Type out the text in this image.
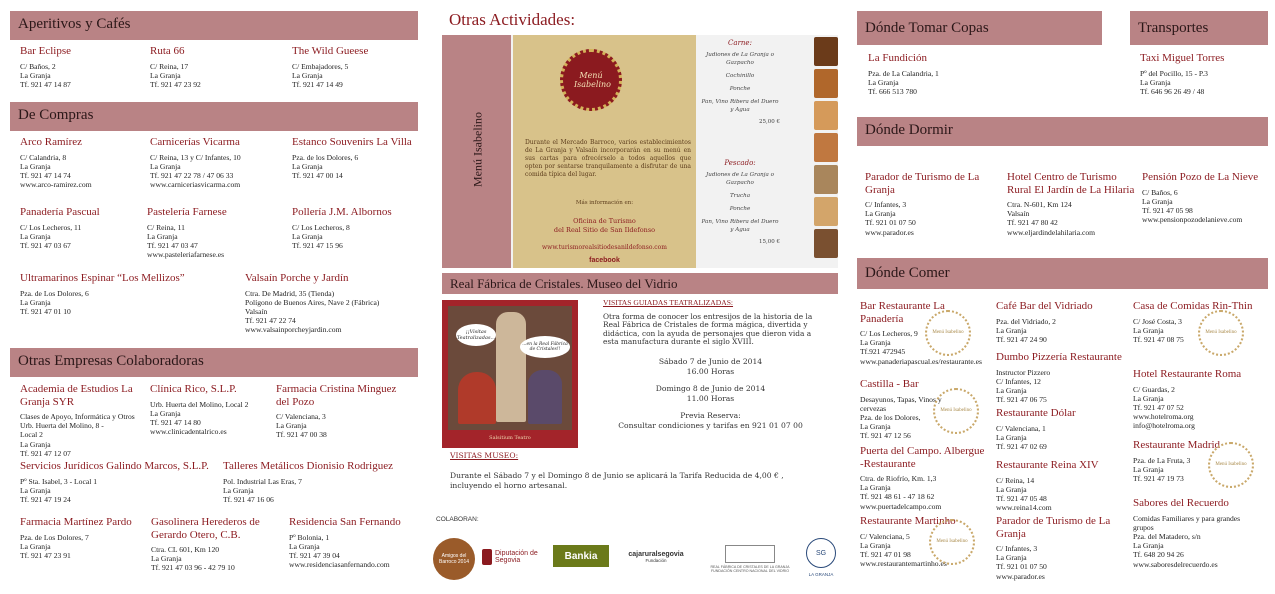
Aperitivos y Cafés
Bar Eclipse
C/ Baños, 2
La Granja
Tf. 921 47 14 87
Ruta 66
C/ Reina, 17
La Granja
Tf. 921 47 23 92
The Wild Gueese
C/ Embajadores, 5
La Granja
Tf. 921 47 14 49
De Compras
Arco Ramírez
C/ Calandria, 8
La Granja
Tf. 921 47 14 74
www.arco-ramirez.com
Carnicerías Vicarma
C/ Reina, 13 y C/ Infantes, 10
La Granja
Tf. 921 47 22 78 / 47 06 33
www.carniceriasvicarma.com
Estanco Souvenirs La Villa
Pza. de los Dolores, 6
La Granja
Tf. 921 47 00 14
Panadería Pascual
C/ Los Lecheros, 11
La Granja
Tf. 921 47 03 67
Pastelería Farnese
C/ Reina, 11
La Granja
Tf. 921 47 03 47
www.pasteleriafarnese.es
Pollería J.M. Albornos
C/ Los Lecheros, 8
La Granja
Tf. 921 47 15 96
Ultramarinos Espinar “Los Mellizos”
Pza. de Los Dolores, 6
La Granja
Tf. 921 47 01 10
Valsaín Porche y Jardín
Ctra. De Madrid, 35 (Tienda)
Polígono de Buenos Aires, Nave 2 (Fábrica)
Valsaín
Tf. 921 47 22 74
www.valsainporcheyjardin.com
Otras Empresas Colaboradoras
Academia de Estudios La Granja SYR
Clases de Apoyo, Informática y Otros
Urb. Huerta del Molino, 8 -
Local 2
La Granja
Tf. 921 47 12 07
Clínica Rico, S.L.P.
Urb. Huerta del Molino, Local 2
La Granja
Tf. 921 47 14 80
www.clinicadentalrico.es
Farmacia Cristina Minguez del Pozo
C/ Valenciana, 3
La Granja
Tf. 921 47 00 38
Servicios Jurídicos Galindo Marcos, S.L.P.
Pº Sta. Isabel, 3 - Local 1
La Granja
Tf. 921 47 19 24
Talleres Metálicos Dionisio Rodriguez
Pol. Industrial Las Eras, 7
La Granja
Tf. 921 47 16 06
Farmacia Martínez Pardo
Pza. de Los Dolores, 7
La Granja
Tf. 921 47 23 91
Gasolinera Herederos de Gerardo Otero, C.B.
Ctra. CL 601, Km 120
La Granja
Tf. 921 47 03 96 - 42 79 10
Residencia San Fernando
Pº Bolonia, 1
La Granja
Tf. 921 47 39 04
www.residenciasanfernando.com
Otras Actividades:
Menú Isabelino
Menú Isabelino
Durante el Mercado Barroco, varios establecimientos de La Granja y Valsaín incorporarán en su menú en sus cartas para ofrecérselo a todos aquellos que opten por sentarse tranquilamente a disfrutar de una comida típica del lugar.
Más información en:
Oficina de Turismo
del Real Sitio de San Ildefonso
www.turismorealsitiodesanildefonso.com
facebook
Carne:
Judiones de La Granja o Gazpacho
Cochinillo
Ponche
Pan, Vino Ribera del Duero y Agua
25,00 €
Pescado:
Judiones de La Granja o Gazpacho
Trucha
Ponche
Pan, Vino Ribera del Duero y Agua
15,00 €
Real Fábrica de Cristales. Museo del Vidrio
¡¡Visitas Teatralizadas...
...en la Real Fábrica de Cristales!!
Salsitium Teatro
VISITAS GUIADAS TEATRALIZADAS:
Otra forma de conocer los entresijos de la historia de la Real Fábrica de Cristales de forma mágica, divertida y didáctica, con la ayuda de personajes que dieron vida a esta manufactura durante el siglo XVIII.
Sábado 7 de Junio de 2014
16.00 Horas
Domingo 8 de Junio de 2014
11.00 Horas
Previa Reserva:
Consultar condiciones y tarifas en 921 01 07 00
VISITAS MUSEO:
Durante el Sábado 7 y el Domingo 8 de Junio se aplicará la Tarifa Reducida de 4,00 € , incluyendo el horno artesanal.
COLABORAN:
Amigos del Barroco 2014
Diputación de Segovia	Bankia	cajaruralsegovia
Fundación
REAL FÁBRICA DE CRISTALES DE LA GRANJA
FUNDACIÓN CENTRO NACIONAL DEL VIDRIO
SG
LA GRANJA
Dónde Tomar Copas	Transportes
La Fundición
Pza. de La Calandria, 1
La Granja
Tf. 666 513 780
Taxi Miguel Torres
Pº del Pocillo, 15 - P.3
La Granja
Tf. 646 96 26 49 / 48
Dónde Dormir
Parador de Turismo de La Granja
C/ Infantes, 3
La Granja
Tf. 921 01 07 50
www.parador.es
Hotel Centro de Turismo Rural El Jardín de La Hilaria
Ctra. N-601, Km 124
Valsaín
Tf. 921 47 80 42
www.eljardindelahilaria.com
Pensión Pozo de La Nieve
C/ Baños, 6
La Granja
Tf. 921 47 05 98
www.pensionpozodelanieve.com
Dónde Comer
Bar Restaurante La Panadería
C/ Los Lecheros, 9
La Granja
Tf.921 472945
www.panaderiapascual.es/restaurante.es
Café Bar del Vidriado
Pza. del Vidriado, 2
La Granja
Tf. 921 47 24 90
Casa de Comidas Rin-Thin
C/ José Costa, 3
La Granja
Tf. 921 47 08 75
Dumbo Pizzería Restaurante
Instructor Pizzero
C/ Infantes, 12
La Granja
Tf. 921 47 06 75
Castilla - Bar
Desayunos, Tapas, Vinos y cervezas
Pza. de los Dolores,
La Granja
Tf. 921 47 12 56
Restaurante Dólar
C/ Valenciana, 1
La Granja
Tf. 921 47 02 69
Hotel Restaurante Roma
C/ Guardas, 2
La Granja
Tf. 921 47 07 52
www.hotelroma.org
info@hotelroma.org
Puerta del Campo. Albergue -Restaurante
Ctra. de Riofrío, Km. 1,3
La Granja
Tf. 921 48 61 - 47 18 62
www.puertadelcampo.com
Restaurante Reina XIV
C/ Reina, 14
La Granja
Tf. 921 47 05 48
www.reina14.com
Restaurante Madrid
Pza. de La Fruta, 3
La Granja
Tf. 921 47 19 73
Restaurante Martinho
C/ Valenciana, 5
La Granja
Tf. 921 47 01 98
www.restaurantemartinho.es
Parador de Turismo de La Granja
C/ Infantes, 3
La Granja
Tf. 921 01 07 50
www.parador.es
Sabores del Recuerdo
Comidas Familiares y para grandes grupos
Pza. del Matadero, s/n
La Granja
Tf. 648 20 94 26
www.saboresdelrecuerdo.es
Menú Isabelino	Menú Isabelino
Menú Isabelino
Menú Isabelino
Menú Isabelino
